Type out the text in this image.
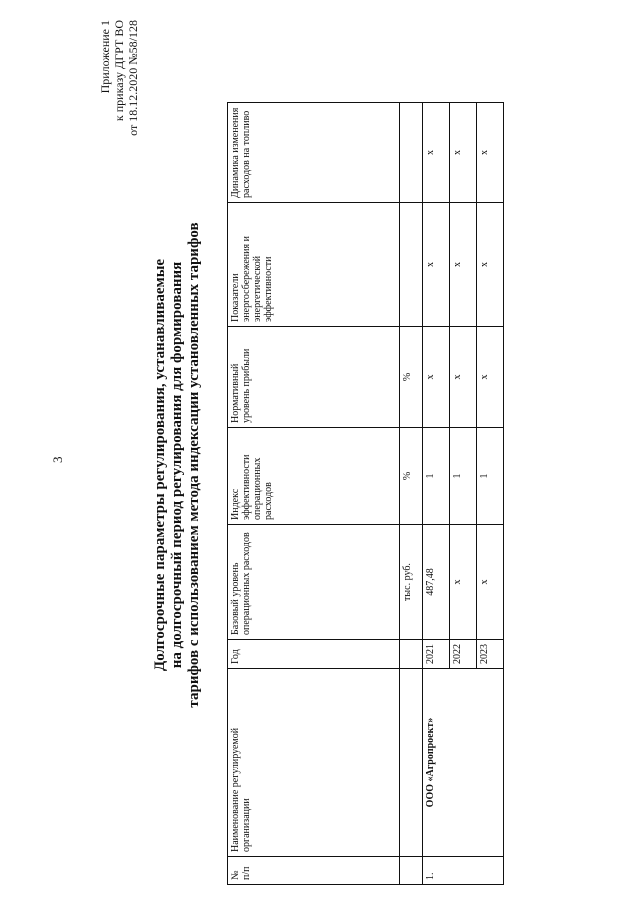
3
Приложение 1 к приказу ДГРТ ВО от 18.12.2020 №58/128
Долгосрочные параметры регулирования, устанавливаемые на долгосрочный период регулирования для формирования тарифов с использованием метода индексации установленных тарифов
№ п/п	Наименование регулируемой организации	Год	Базовый уровень операционных расходов	Индекс эффективности операционных расходов	Нормативный уровень прибыли	Показатели энергосбережения и энергетической эффективности	Динамика изменения расходов на топливо
			тыс. руб.	%	%		
1.	ООО «Агропроект»	2021	487,48	1	x	x	x
		2022	x	1	x	x	x
		2023	x	1	x	x	x
